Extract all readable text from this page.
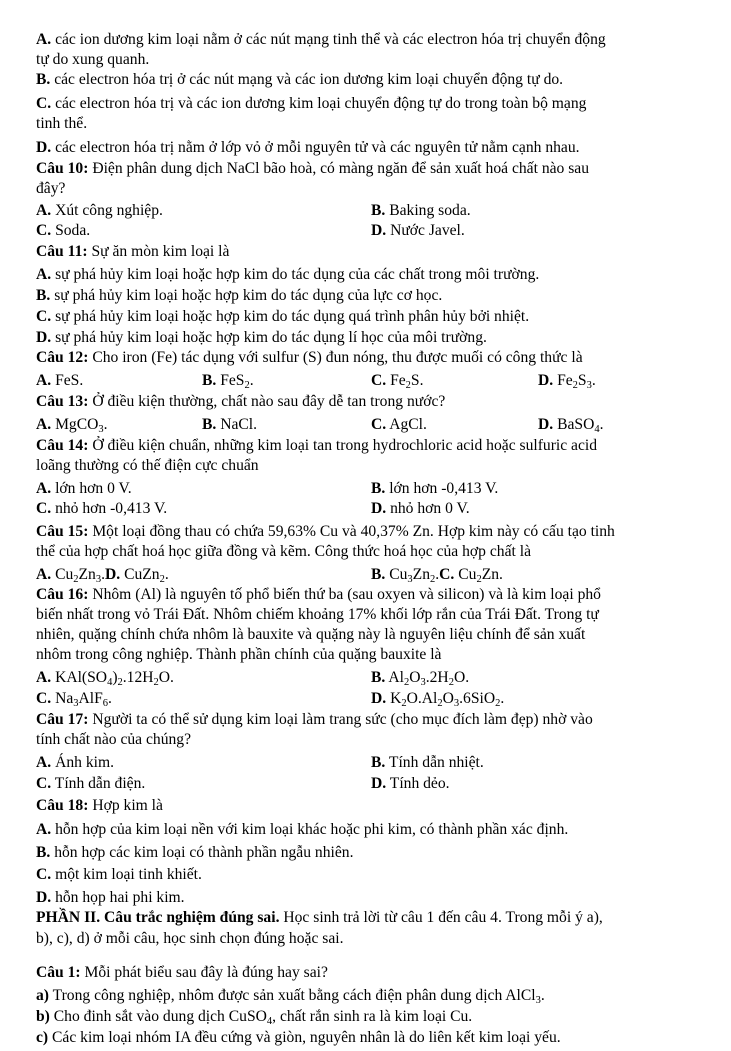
A. các ion dương kim loại nằm ở các nút mạng tinh thể và các electron hóa trị chuyển động
tự do xung quanh.
B. các electron hóa trị ở các nút mạng và các ion dương kim loại chuyển động tự do.
C. các electron hóa trị và các ion dương kim loại chuyển động tự do trong toàn bộ mạng
tinh thể.
D. các electron hóa trị nằm ở lớp vỏ ở mỗi nguyên tử và các nguyên tử nằm cạnh nhau.
Câu 10: Điện phân dung dịch NaCl bão hoà, có màng ngăn để sản xuất hoá chất nào sau
đây?
A. Xút công nghiệp.	B. Baking soda.
C. Soda.	D. Nước Javel.
Câu 11: Sự ăn mòn kim loại là
A. sự phá hủy kim loại hoặc hợp kim do tác dụng của các chất trong môi trường.
B. sự phá hủy kim loại hoặc hợp kim do tác dụng của lực cơ học.
C. sự phá hủy kim loại hoặc hợp kim do tác dụng quá trình phân hủy bởi nhiệt.
D. sự phá hủy kim loại hoặc hợp kim do tác dụng lí học của môi trường.
Câu 12: Cho iron (Fe) tác dụng với sulfur (S) đun nóng, thu được muối có công thức là
A. FeS.	B. FeS$_2$.	C. $Fe_2S$.	D. $Fe_2S_3$.
Câu 13: Ở điều kiện thường, chất nào sau đây dễ tan trong nước?
A. MgCO$_3$.	B. NaCl.	C. AgCl.	D. BaSO$_4$.
Câu 14: Ở điều kiện chuẩn, những kim loại tan trong hydrochloric acid hoặc sulfuric acid
loãng thường có thế điện cực chuẩn
A. lớn hơn 0 V.	B. lớn hơn -0,413 V.
C. nhỏ hơn -0,413 V.	D. nhỏ hơn 0 V.
Câu 15: Một loại đồng thau có chứa 59,63% Cu và 40,37% Zn. Hợp kim này có cấu tạo tinh
thể của hợp chất hoá học giữa đồng và kẽm. Công thức hoá học của hợp chất là
A. $Cu_2Zn_3.D$. CuZn$_2$.	B. $Cu_3Zn_2.C$. $Cu_2Zn$.
Câu 16: Nhôm (Al) là nguyên tố phổ biến thứ ba (sau oxyen và silicon) và là kim loại phổ
biến nhất trong vỏ Trái Đất. Nhôm chiếm khoảng 17% khối lớp rắn của Trái Đất. Trong tự
nhiên, quặng chính chứa nhôm là bauxite và quặng này là nguyên liệu chính để sản xuất
nhôm trong công nghiệp. Thành phần chính của quặng bauxite là
A. $KAl(SO_4)_2.12H_2O$.	B. $Al_2O_3.2H_2O$.
C. $Na_3AlF_6$.	D. $K_2O.Al_2O_3.6SiO_2$.
Câu 17: Người ta có thể sử dụng kim loại làm trang sức (cho mục đích làm đẹp) nhờ vào
tính chất nào của chúng?
A. Ánh kim.	B. Tính dẫn nhiệt.
C. Tính dẫn điện.	D. Tính dẻo.
Câu 18: Hợp kim là
A. hỗn hợp của kim loại nền với kim loại khác hoặc phi kim, có thành phần xác định.
B. hỗn hợp các kim loại có thành phần ngẫu nhiên.
C. một kim loại tinh khiết.
D. hỗn họp hai phi kim.
PHẦN II. Câu trắc nghiệm đúng sai. Học sinh trả lời từ câu 1 đến câu 4. Trong mỗi ý a),
b), c), d) ở mỗi câu, học sinh chọn đúng hoặc sai.
Câu 1: Mỗi phát biểu sau đây là đúng hay sai?
a) Trong công nghiệp, nhôm được sản xuất bằng cách điện phân dung dịch AlCl$_3$.
b) Cho đinh sắt vào dung dịch CuSO$_4$, chất rắn sinh ra là kim loại Cu.
c) Các kim loại nhóm IA đều cứng và giòn, nguyên nhân là do liên kết kim loại yếu.
